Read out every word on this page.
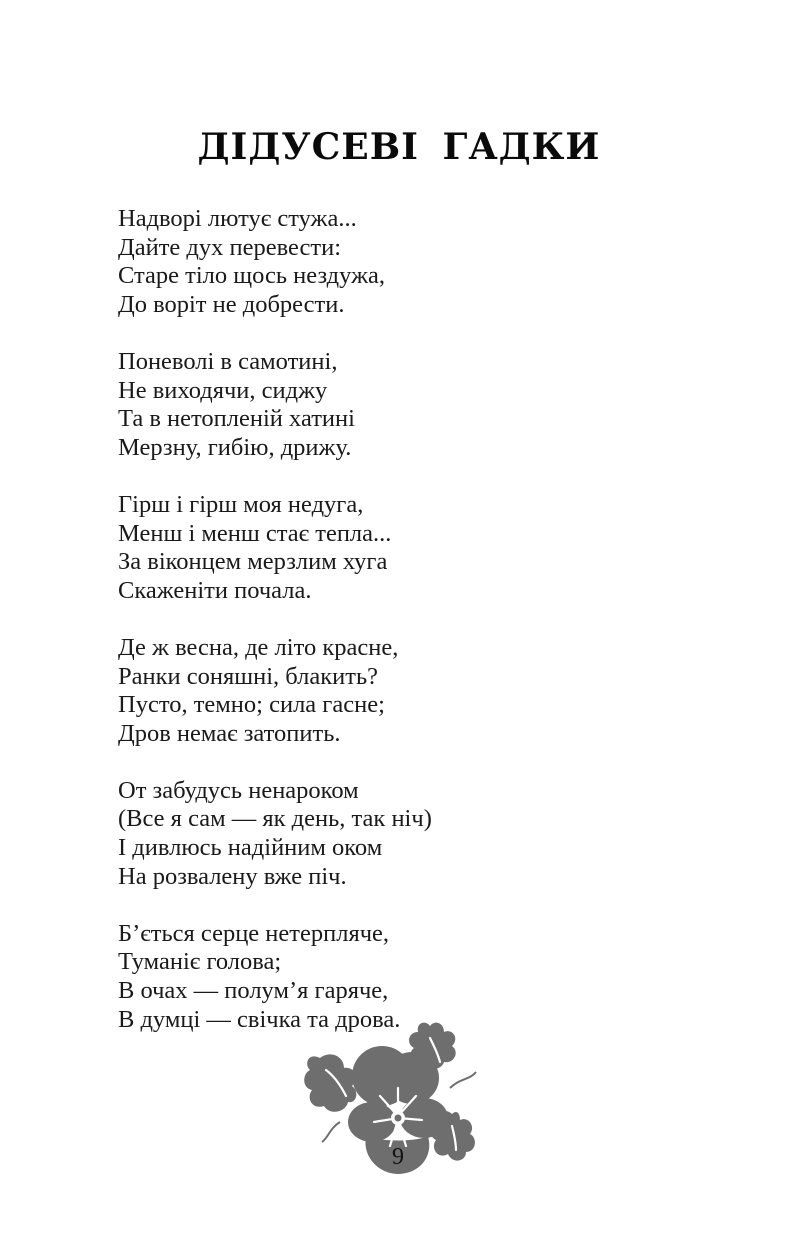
ДІДУСЕВІ ГАДКИ
Надворі лютує стужа...
Дайте дух перевести:
Старе тіло щось нездужа,
До воріт не добрести.
Поневолі в самотині,
Не виходячи, сиджу
Та в нетопленій хатині
Мерзну, гибію, дрижу.
Гірш і гірш моя недуга,
Менш і менш стає тепла...
За віконцем мерзлим хуга
Скаженіти почала.
Де ж весна, де літо красне,
Ранки соняшні, блакить?
Пусто, темно; сила гасне;
Дров немає затопить.
От забудусь ненароком
(Все я сам — як день, так ніч)
І дивлюсь надійним оком
На розвалену вже піч.
Б’ється серце нетерпляче,
Туманіє голова;
В очах — полум’я гаряче,
В думці — свічка та дрова.
9
